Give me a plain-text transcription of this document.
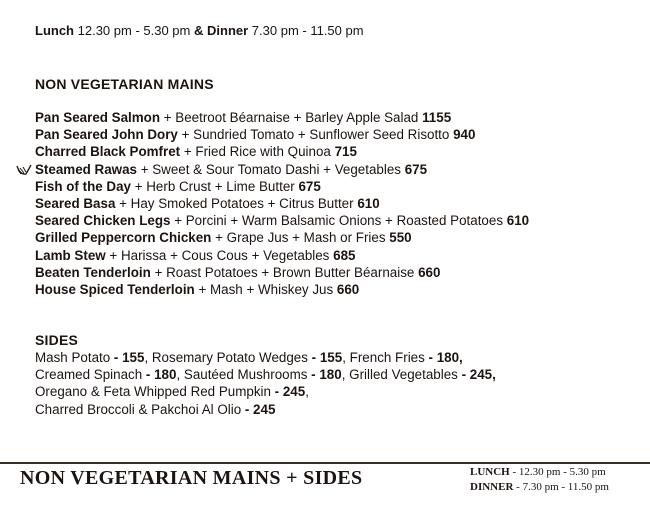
Lunch 12.30 pm - 5.30 pm & Dinner 7.30 pm - 11.50 pm
NON VEGETARIAN MAINS
Pan Seared Salmon + Beetroot Béarnaise + Barley Apple Salad 1155
Pan Seared John Dory + Sundried Tomato + Sunflower Seed Risotto 940
Charred Black Pomfret + Fried Rice with Quinoa 715
Steamed Rawas + Sweet & Sour Tomato Dashi + Vegetables 675
Fish of the Day + Herb Crust + Lime Butter 675
Seared Basa + Hay Smoked Potatoes + Citrus Butter 610
Seared Chicken Legs + Porcini + Warm Balsamic Onions + Roasted Potatoes 610
Grilled Peppercorn Chicken + Grape Jus + Mash or Fries 550
Lamb Stew + Harissa + Cous Cous + Vegetables 685
Beaten Tenderloin + Roast Potatoes + Brown Butter Béarnaise 660
House Spiced Tenderloin + Mash + Whiskey Jus 660
SIDES
Mash Potato - 155, Rosemary Potato Wedges - 155, French Fries - 180,
Creamed Spinach - 180, Sautéed Mushrooms - 180, Grilled Vegetables - 245,
Oregano & Feta Whipped Red Pumpkin - 245,
Charred Broccoli & Pakchoi Al Olio - 245
NON VEGETARIAN MAINS + SIDES	LUNCH - 12.30 pm - 5.30 pm
DINNER - 7.30 pm - 11.50 pm
